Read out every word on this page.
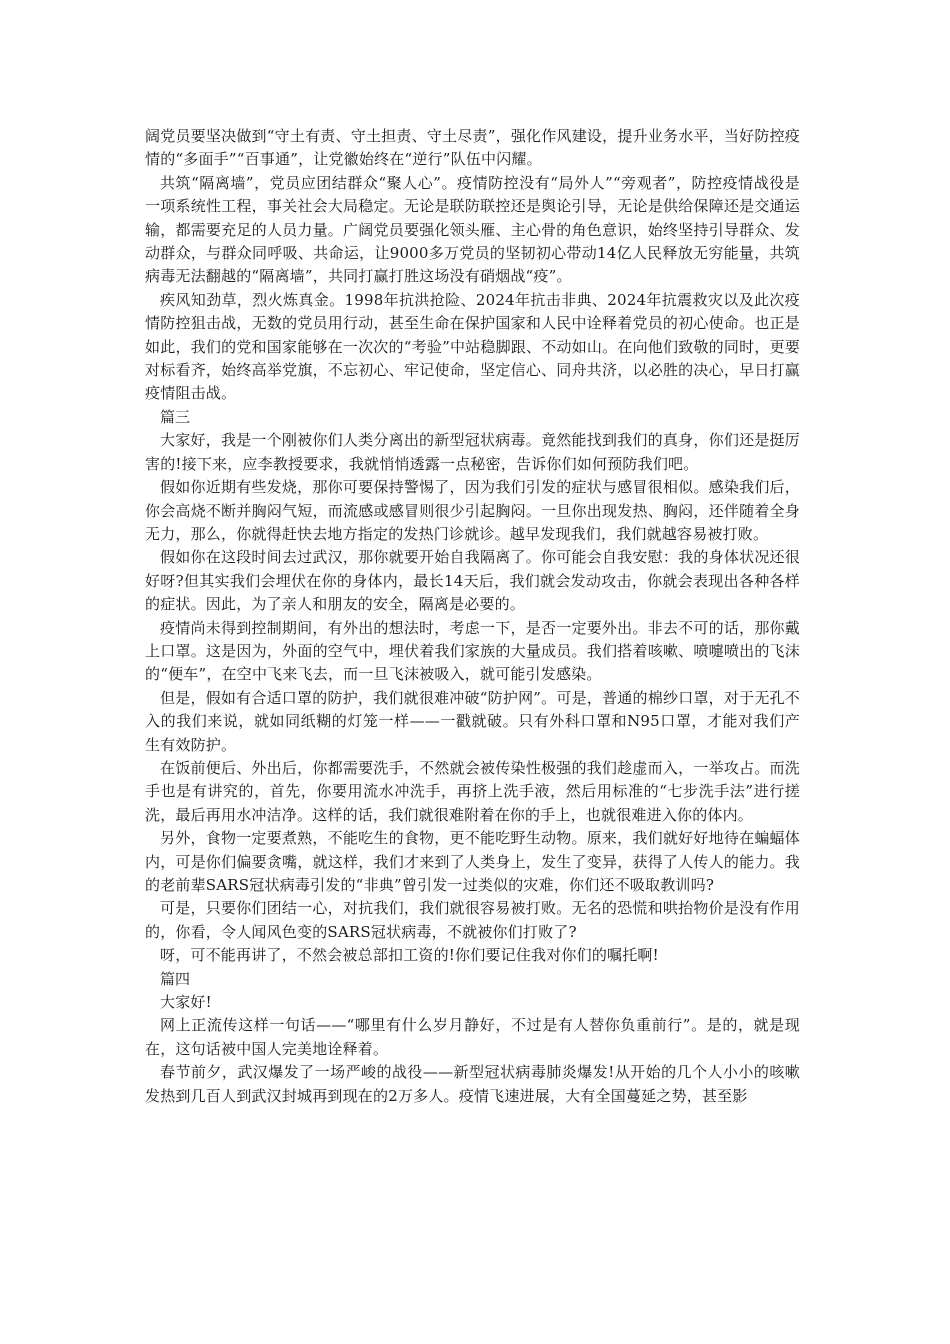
阔党员要坚决做到“守土有责、守土担责、守土尽责”，强化作风建设，提升业务水平，当好防控疫情的“多面手”“百事通”，让党徽始终在“逆行”队伍中闪耀。

共筑“隔离墙”，党员应团结群众“聚人心”。疫情防控没有“局外人”“旁观者”，防控疫情战役是一项系统性工程，事关社会大局稳定。无论是联防联控还是舆论引导，无论是供给保障还是交通运输，都需要充足的人员力量。广阔党员要强化领头雁、主心骨的角色意识，始终坚持引导群众、发动群众，与群众同呼吸、共命运，让9000多万党员的坚韧初心带动14亿人民释放无穷能量，共筑病毒无法翻越的“隔离墙”，共同打赢打胜这场没有硝烟战“疫”。

疾风知劲草，烈火炼真金。1998年抗洪抢险、2024年抗击非典、2024年抗震救灾以及此次疫情防控狙击战，无数的党员用行动，甚至生命在保护国家和人民中诠释着党员的初心使命。也正是如此，我们的党和国家能够在一次次的“考验”中站稳脚跟、不动如山。在向他们致敬的同时，更要对标看齐，始终高举党旗，不忘初心、牢记使命，坚定信心、同舟共济，以必胜的决心，早日打赢疫情阻击战。

篇三

大家好，我是一个刚被你们人类分离出的新型冠状病毒。竟然能找到我们的真身，你们还是挺厉害的!接下来，应李教授要求，我就悄悄透露一点秘密，告诉你们如何预防我们吧。

假如你近期有些发烧，那你可要保持警惕了，因为我们引发的症状与感冒很相似。感染我们后，你会高烧不断并胸闷气短，而流感或感冒则很少引起胸闷。一旦你出现发热、胸闷，还伴随着全身无力，那么，你就得赶快去地方指定的发热门诊就诊。越早发现我们，我们就越容易被打败。

假如你在这段时间去过武汉，那你就要开始自我隔离了。你可能会自我安慰：我的身体状况还很好呀?但其实我们会埋伏在你的身体内，最长14天后，我们就会发动攻击，你就会表现出各种各样的症状。因此，为了亲人和朋友的安全，隔离是必要的。

疫情尚未得到控制期间，有外出的想法时，考虑一下，是否一定要外出。非去不可的话，那你戴上口罩。这是因为，外面的空气中，埋伏着我们家族的大量成员。我们搭着咳嗽、喷嚏喷出的飞沫的“便车”，在空中飞来飞去，而一旦飞沫被吸入，就可能引发感染。

但是，假如有合适口罩的防护，我们就很难冲破“防护网”。可是，普通的棉纱口罩，对于无孔不入的我们来说，就如同纸糊的灯笼一样——一戳就破。只有外科口罩和N95口罩，才能对我们产生有效防护。

在饭前便后、外出后，你都需要洗手，不然就会被传染性极强的我们趁虚而入，一举攻占。而洗手也是有讲究的，首先，你要用流水冲洗手，再挤上洗手液，然后用标准的“七步洗手法”进行搓洗，最后再用水冲洁净。这样的话，我们就很难附着在你的手上，也就很难进入你的体内。

另外，食物一定要煮熟，不能吃生的食物，更不能吃野生动物。原来，我们就好好地待在蝙蝠体内，可是你们偏要贪嘴，就这样，我们才来到了人类身上，发生了变异，获得了人传人的能力。我的老前辈SARS冠状病毒引发的“非典”曾引发一过类似的灾难，你们还不吸取教训吗?

可是，只要你们团结一心，对抗我们，我们就很容易被打败。无名的恐慌和哄抬物价是没有作用的，你看，令人闻风色变的SARS冠状病毒，不就被你们打败了?

呀，可不能再讲了，不然会被总部扣工资的!你们要记住我对你们的嘱托啊!

篇四

大家好!

网上正流传这样一句话——“哪里有什么岁月静好，不过是有人替你负重前行”。是的，就是现在，这句话被中国人完美地诠释着。

春节前夕，武汉爆发了一场严峻的战役——新型冠状病毒肺炎爆发!从开始的几个人小小的咳嗽发热到几百人到武汉封城再到现在的2万多人。疫情飞速进展，大有全国蔓延之势，甚至影
